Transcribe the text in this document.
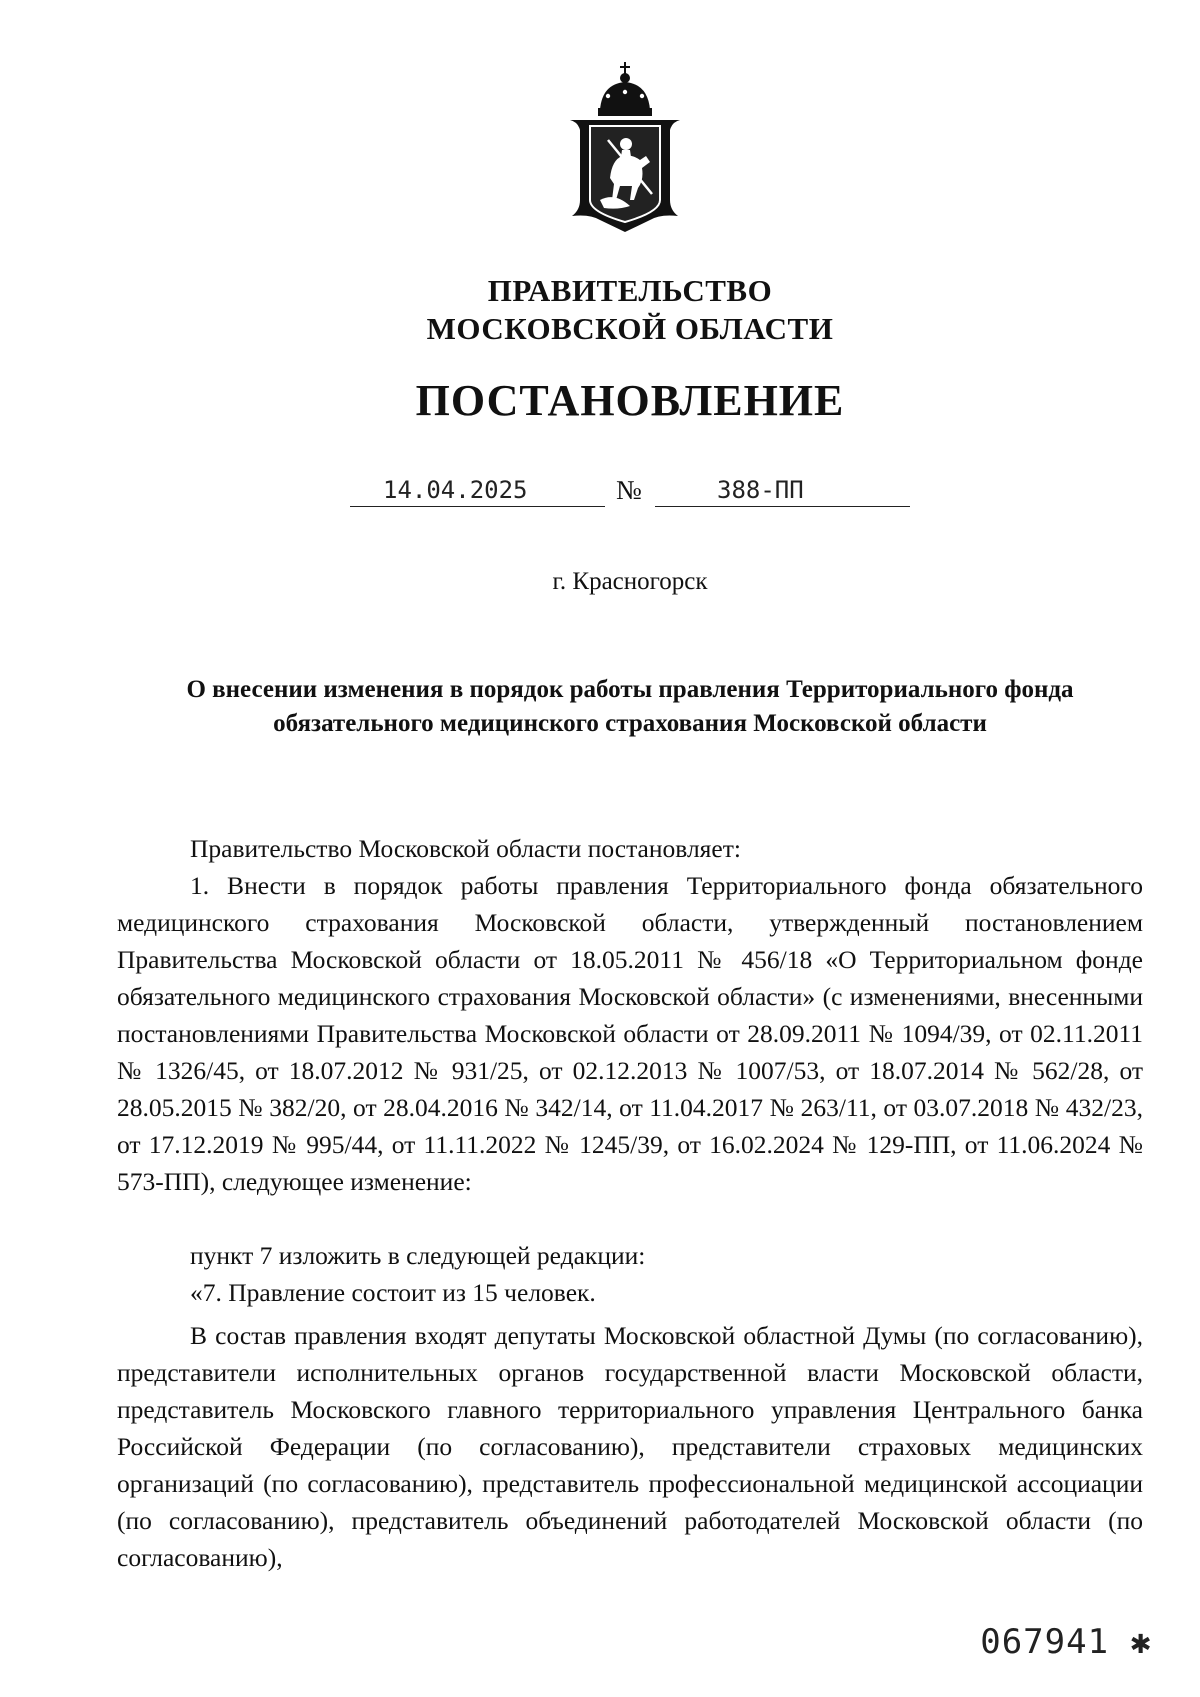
ПРАВИТЕЛЬСТВО
МОСКОВСКОЙ ОБЛАСТИ
ПОСТАНОВЛЕНИЕ
14.04.2025	№	388-ПП
г. Красногорск
О внесении изменения в порядок работы правления Территориального фонда
обязательного медицинского страхования Московской области
Правительство Московской области постановляет:
1. Внести в порядок работы правления Территориального фонда обязательного медицинского страхования Московской области, утвержденный постановлением Правительства Московской области от 18.05.2011 № 456/18 «О Территориальном фонде обязательного медицинского страхования Московской области» (с изменениями, внесенными постановлениями Правительства Московской области от 28.09.2011 № 1094/39, от 02.11.2011 № 1326/45, от 18.07.2012 № 931/25, от 02.12.2013 № 1007/53, от 18.07.2014 № 562/28, от 28.05.2015 № 382/20, от 28.04.2016 № 342/14, от 11.04.2017 № 263/11, от 03.07.2018 № 432/23, от 17.12.2019 № 995/44, от 11.11.2022 № 1245/39, от 16.02.2024 № 129-ПП, от 11.06.2024 № 573-ПП), следующее изменение:
пункт 7 изложить в следующей редакции:
«7. Правление состоит из 15 человек.
В состав правления входят депутаты Московской областной Думы (по согласованию), представители исполнительных органов государственной власти Московской области, представитель Московского главного территориального управления Центрального банка Российской Федерации (по согласованию), представители страховых медицинских организаций (по согласованию), представитель профессиональной медицинской ассоциации (по согласованию), представитель объединений работодателей Московской области (по согласованию),
067941 ✱
